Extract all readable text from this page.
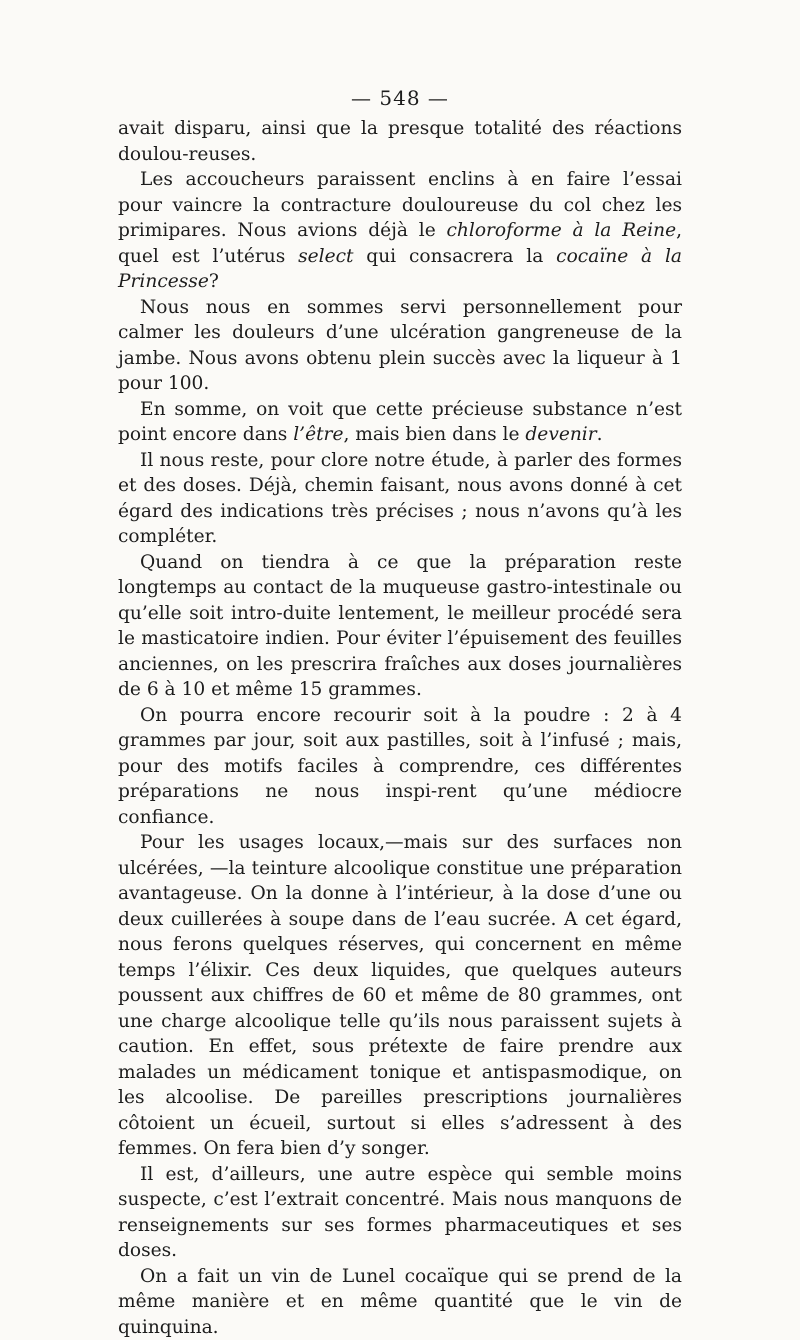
— 548 —

avait disparu, ainsi que la presque totalité des réactions doulou-reuses.

Les accoucheurs paraissent enclins à en faire l’essai pour vaincre la contracture douloureuse du col chez les primipares. Nous avions déjà le chloroforme à la Reine, quel est l’utérus select qui consacrera la cocaïne à la Princesse?

Nous nous en sommes servi personnellement pour calmer les douleurs d’une ulcération gangreneuse de la jambe. Nous avons obtenu plein succès avec la liqueur à 1 pour 100.

En somme, on voit que cette précieuse substance n’est point encore dans l’être, mais bien dans le devenir.

Il nous reste, pour clore notre étude, à parler des formes et des doses. Déjà, chemin faisant, nous avons donné à cet égard des indications très précises ; nous n’avons qu’à les compléter.

Quand on tiendra à ce que la préparation reste longtemps au contact de la muqueuse gastro-intestinale ou qu’elle soit intro-duite lentement, le meilleur procédé sera le masticatoire indien. Pour éviter l’épuisement des feuilles anciennes, on les prescrira fraîches aux doses journalières de 6 à 10 et même 15 grammes.

On pourra encore recourir soit à la poudre : 2 à 4 grammes par jour, soit aux pastilles, soit à l’infusé ; mais, pour des motifs faciles à comprendre, ces différentes préparations ne nous inspi-rent qu’une médiocre confiance.

Pour les usages locaux,—mais sur des surfaces non ulcérées, —la teinture alcoolique constitue une préparation avantageuse. On la donne à l’intérieur, à la dose d’une ou deux cuillerées à soupe dans de l’eau sucrée. A cet égard, nous ferons quelques réserves, qui concernent en même temps l’élixir. Ces deux liquides, que quelques auteurs poussent aux chiffres de 60 et même de 80 grammes, ont une charge alcoolique telle qu’ils nous paraissent sujets à caution. En effet, sous prétexte de faire prendre aux malades un médicament tonique et antispasmodique, on les alcoolise. De pareilles prescriptions journalières côtoient un écueil, surtout si elles s’adressent à des femmes. On fera bien d’y songer.

Il est, d’ailleurs, une autre espèce qui semble moins suspecte, c’est l’extrait concentré. Mais nous manquons de renseignements sur ses formes pharmaceutiques et ses doses.

On a fait un vin de Lunel cocaïque qui se prend de la même manière et en même quantité que le vin de quinquina.
